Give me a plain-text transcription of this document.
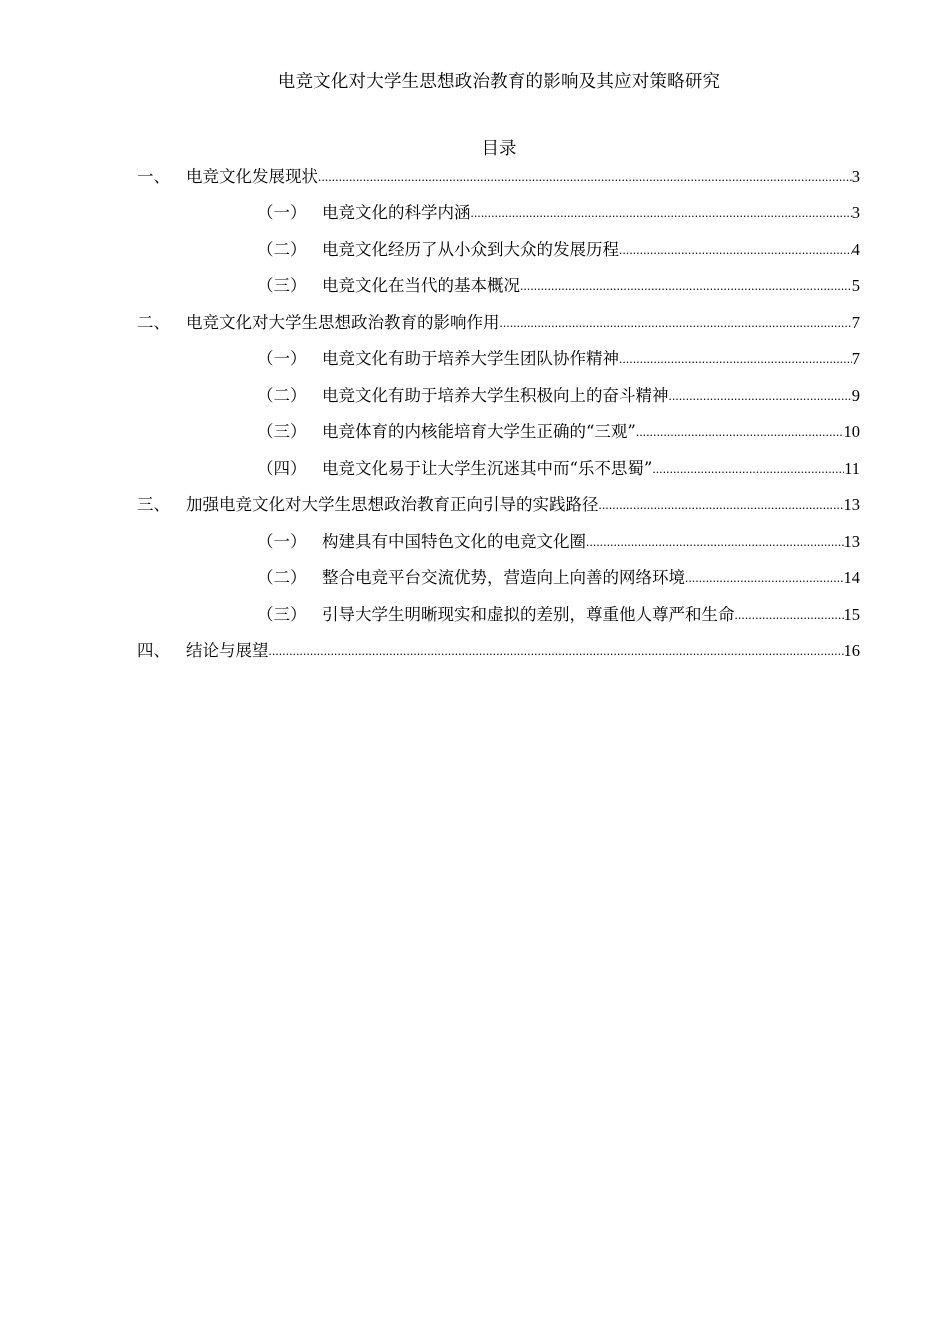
电竞文化对大学生思想政治教育的影响及其应对策略研究
目录
一、 电竞文化发展现状 .....	3
（一） 电竞文化的科学内涵 .....	3
（二） 电竞文化经历了从小众到大众的发展历程 .....	4
（三） 电竞文化在当代的基本概况 .....	5
二、 电竞文化对大学生思想政治教育的影响作用 .....	7
（一） 电竞文化有助于培养大学生团队协作精神 .....	7
（二） 电竞文化有助于培养大学生积极向上的奋斗精神 .....	9
（三） 电竞体育的内核能培育大学生正确的“三观” .....	10
（四） 电竞文化易于让大学生沉迷其中而“乐不思蜀” .....	11
三、 加强电竞文化对大学生思想政治教育正向引导的实践路径 .....	13
（一） 构建具有中国特色文化的电竞文化圈 .....	13
（二） 整合电竞平台交流优势，营造向上向善的网络环境 .....	14
（三） 引导大学生明晰现实和虚拟的差别，尊重他人尊严和生命 .....	15
四、 结论与展望 .....	16
